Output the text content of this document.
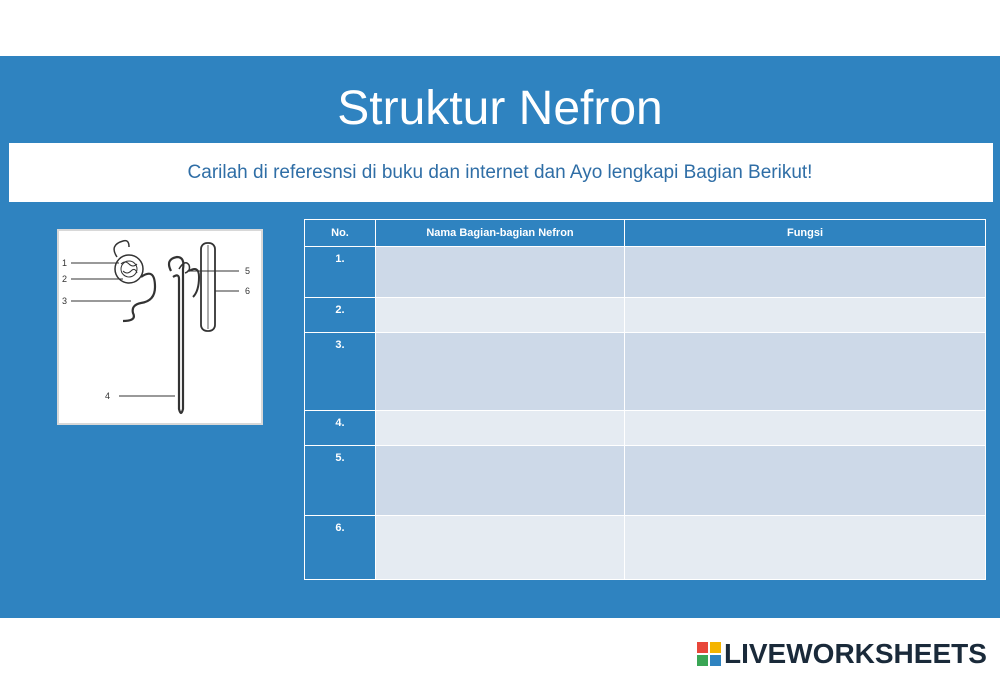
Struktur Nefron
Carilah di referesnsi di buku dan internet dan Ayo lengkapi Bagian Berikut!
1
2
3
4
5
6
No.	Nama Bagian-bagian Nefron	Fungsi
1.		
2.		
3.		
4.		
5.		
6.		
LIVEWORKSHEETS
